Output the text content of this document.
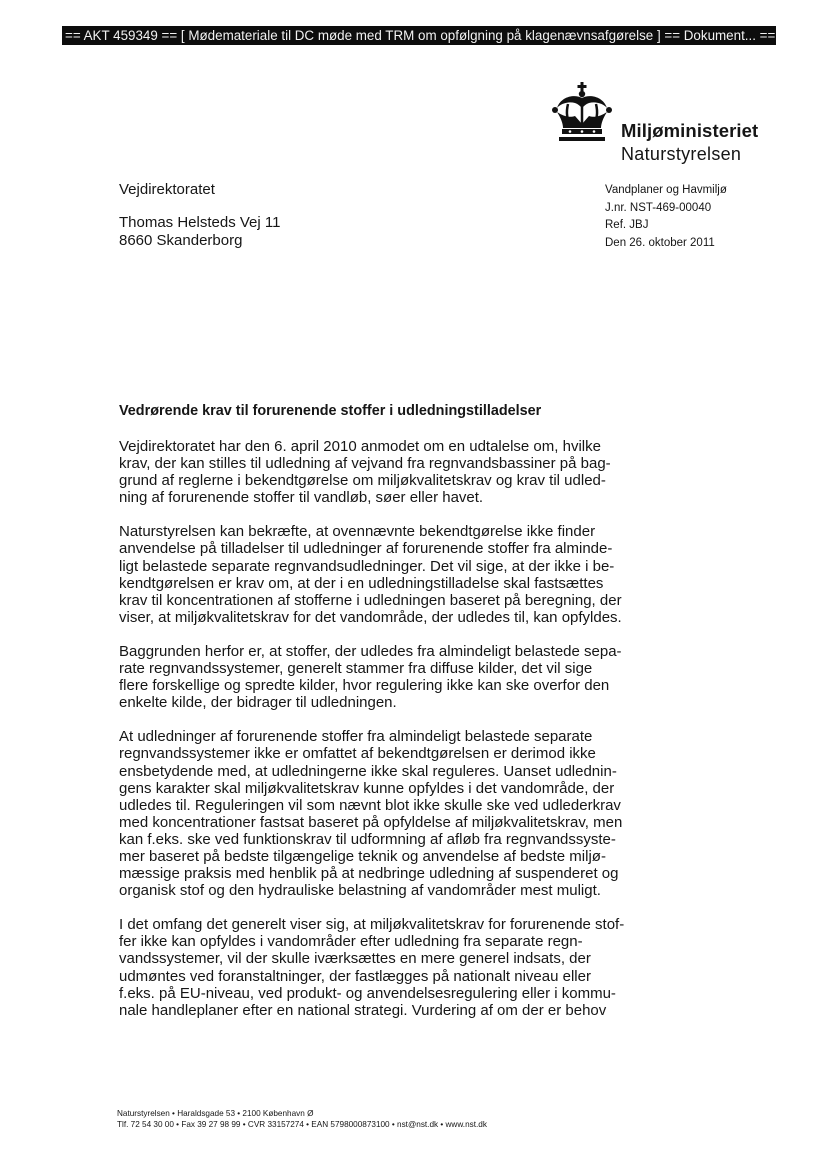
== AKT 459349 == [ Mødemateriale til DC møde med TRM om opfølgning på klagenævnsafgørelse ] == Dokument... ==
Miljøministeriet
Naturstyrelsen
Vejdirektoratet
Thomas Helsteds Vej 11
8660 Skanderborg
Vandplaner og Havmiljø
J.nr. NST-469-00040
Ref. JBJ
Den 26. oktober 2011
Vedrørende krav til forurenende stoffer i udledningstilladelser
Vejdirektoratet har den 6. april 2010 anmodet om en udtalelse om, hvilke
krav, der kan stilles til udledning af vejvand fra regnvandsbassiner på bag-
grund af reglerne i bekendtgørelse om miljøkvalitetskrav og krav til udled-
ning af forurenende stoffer til vandløb, søer eller havet.
Naturstyrelsen kan bekræfte, at ovennævnte bekendtgørelse ikke finder
anvendelse på tilladelser til udledninger af forurenende stoffer fra alminde-
ligt belastede separate regnvandsudledninger. Det vil sige, at der ikke i be-
kendtgørelsen er krav om, at der i en udledningstilladelse skal fastsættes
krav til koncentrationen af stofferne i udledningen baseret på beregning, der
viser, at miljøkvalitetskrav for det vandområde, der udledes til, kan opfyldes.
Baggrunden herfor er, at stoffer, der udledes fra almindeligt belastede sepa-
rate regnvandssystemer, generelt stammer fra diffuse kilder, det vil sige
flere forskellige og spredte kilder, hvor regulering ikke kan ske overfor den
enkelte kilde, der bidrager til udledningen.
At udledninger af forurenende stoffer fra almindeligt belastede separate
regnvandssystemer ikke er omfattet af bekendtgørelsen er derimod ikke
ensbetydende med, at udledningerne ikke skal reguleres. Uanset udlednin-
gens karakter skal miljøkvalitetskrav kunne opfyldes i det vandområde, der
udledes til. Reguleringen vil som nævnt blot ikke skulle ske ved udlederkrav
med koncentrationer fastsat baseret på opfyldelse af miljøkvalitetskrav, men
kan f.eks. ske ved funktionskrav til udformning af afløb fra regnvandssyste-
mer baseret på bedste tilgængelige teknik og anvendelse af bedste miljø-
mæssige praksis med henblik på at nedbringe udledning af suspenderet og
organisk stof og den hydrauliske belastning af vandområder mest muligt.
I det omfang det generelt viser sig, at miljøkvalitetskrav for forurenende stof-
fer ikke kan opfyldes i vandområder efter udledning fra separate regn-
vandssystemer, vil der skulle iværksættes en mere generel indsats, der
udmøntes ved foranstaltninger, der fastlægges på nationalt niveau eller
f.eks. på EU-niveau, ved produkt- og anvendelsesregulering eller i kommu-
nale handleplaner efter en national strategi. Vurdering af om der er behov
Naturstyrelsen • Haraldsgade 53 • 2100 København Ø
Tlf. 72 54 30 00 • Fax 39 27 98 99 • CVR 33157274 • EAN 5798000873100 • nst@nst.dk • www.nst.dk
